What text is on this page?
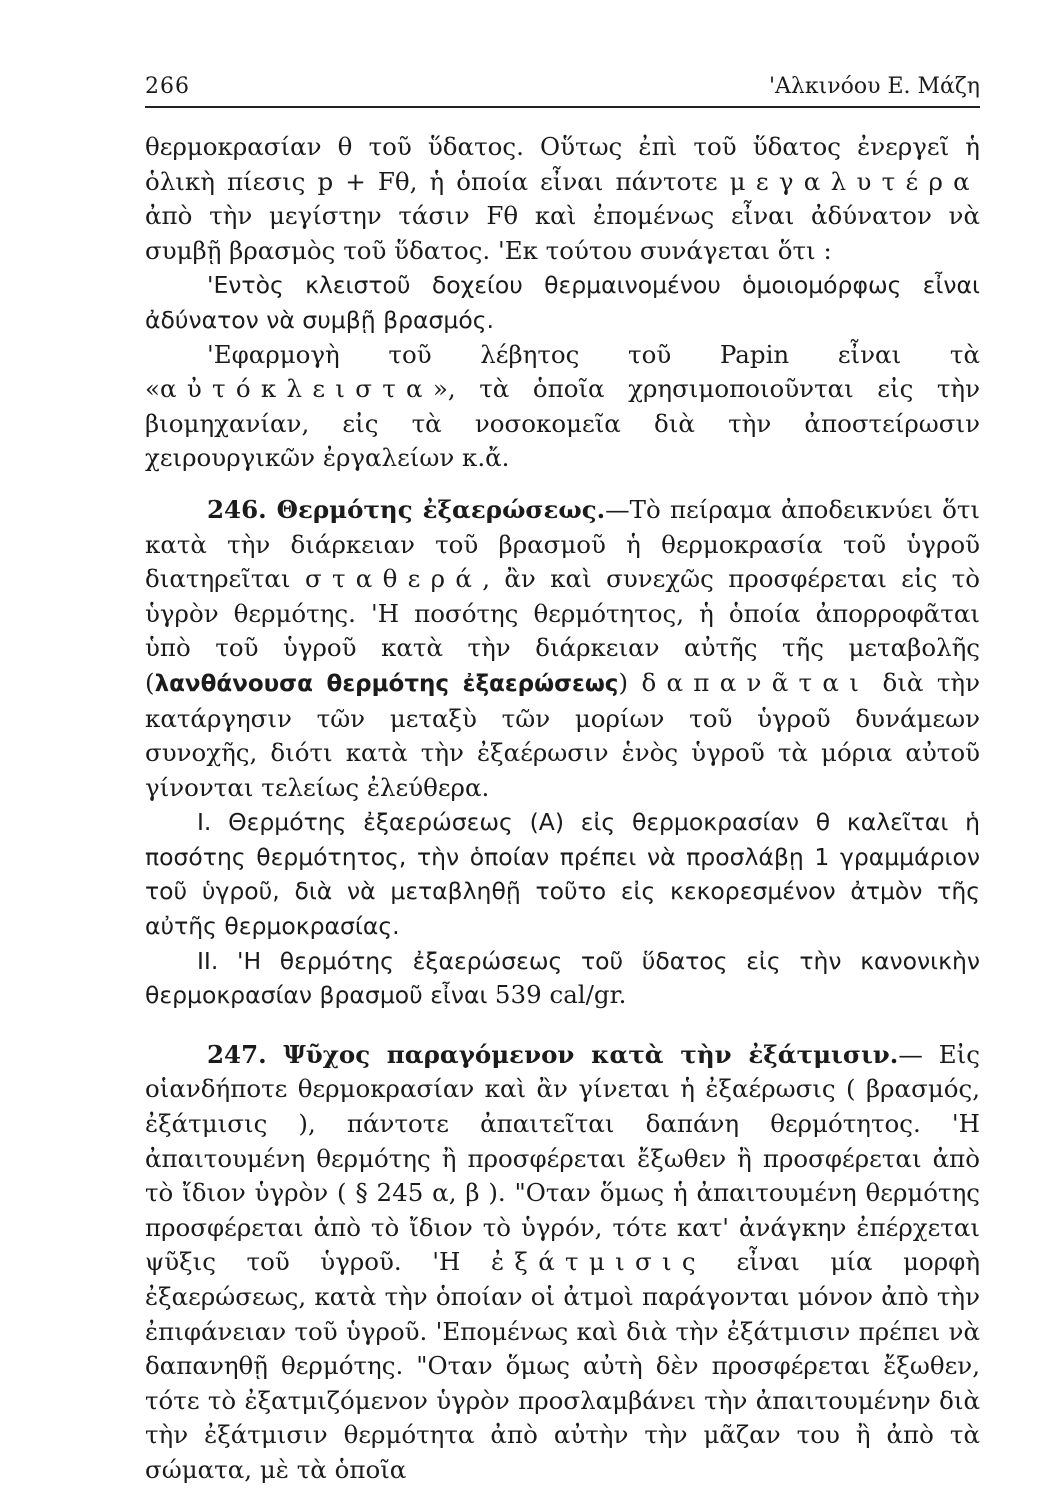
266	'Αλκινόου Ε. Μάζη

θερμοκρασίαν θ τοῦ ὕδατος. Οὕτως ἐπὶ τοῦ ὕδατος ἐνεργεῖ ἡ ὁλικὴ πίεσις p + Fθ, ἡ ὁποία εἶναι πάντοτε μεγαλυτέρα ἀπὸ τὴν μεγίστην τάσιν Fθ καὶ ἐπομένως εἶναι ἀδύνατον νὰ συμβῇ βρασμὸς τοῦ ὕδατος. 'Εκ τούτου συνάγεται ὅτι :

'Εντὸς κλειστοῦ δοχείου θερμαινομένου ὁμοιομόρφως εἶναι ἀδύνατον νὰ συμβῇ βρασμός.

'Εφαρμογὴ τοῦ λέβητος τοῦ Papin εἶναι τὰ «αὐτόκλειστα», τὰ ὁποῖα χρησιμοποιοῦνται εἰς τὴν βιομηχανίαν, εἰς τὰ νοσοκομεῖα διὰ τὴν ἀποστείρωσιν χειρουργικῶν ἐργαλείων κ.ἄ.

246. Θερμότης ἐξαερώσεως.—Τὸ πείραμα ἀποδεικνύει ὅτι κατὰ τὴν διάρκειαν τοῦ βρασμοῦ ἡ θερμοκρασία τοῦ ὑγροῦ διατηρεῖται σταθερά, ἂν καὶ συνεχῶς προσφέρεται εἰς τὸ ὑγρὸν θερμότης. 'Η ποσότης θερμότητος, ἡ ὁποία ἀπορροφᾶται ὑπὸ τοῦ ὑγροῦ κατὰ τὴν διάρκειαν αὐτῆς τῆς μεταβολῆς (λανθάνουσα θερμότης ἐξαερώσεως) δαπανᾶται διὰ τὴν κατάργησιν τῶν μεταξὺ τῶν μορίων τοῦ ὑγροῦ δυνάμεων συνοχῆς, διότι κατὰ τὴν ἐξαέρωσιν ἑνὸς ὑγροῦ τὰ μόρια αὐτοῦ γίνονται τελείως ἐλεύθερα.

I. Θερμότης ἐξαερώσεως (Α) εἰς θερμοκρασίαν θ καλεῖται ἡ ποσότης θερμότητος, τὴν ὁποίαν πρέπει νὰ προσλάβῃ 1 γραμμάριον τοῦ ὑγροῦ, διὰ νὰ μεταβληθῇ τοῦτο εἰς κεκορεσμένον ἀτμὸν τῆς αὐτῆς θερμοκρασίας.

II. 'Η θερμότης ἐξαερώσεως τοῦ ὕδατος εἰς τὴν κανονικὴν θερμοκρασίαν βρασμοῦ εἶναι 539 cal/gr.

247. Ψῦχος παραγόμενον κατὰ τὴν ἐξάτμισιν.— Εἰς οἱανδήποτε θερμοκρασίαν καὶ ἂν γίνεται ἡ ἐξαέρωσις ( βρασμός, ἐξάτμισις ), πάντοτε ἀπαιτεῖται δαπάνη θερμότητος. 'Η ἀπαιτουμένη θερμότης ἢ προσφέρεται ἔξωθεν ἢ προσφέρεται ἀπὸ τὸ ἴδιον ὑγρὸν ( § 245 α, β ). "Οταν ὅμως ἡ ἀπαιτουμένη θερμότης προσφέρεται ἀπὸ τὸ ἴδιον τὸ ὑγρόν, τότε κατ' ἀνάγκην ἐπέρχεται ψῦξις τοῦ ὑγροῦ. 'Η ἐξάτμισις εἶναι μία μορφὴ ἐξαερώσεως, κατὰ τὴν ὁποίαν οἱ ἀτμοὶ παράγονται μόνον ἀπὸ τὴν ἐπιφάνειαν τοῦ ὑγροῦ. 'Επομένως καὶ διὰ τὴν ἐξάτμισιν πρέπει νὰ δαπανηθῇ θερμότης. "Οταν ὅμως αὐτὴ δὲν προσφέρεται ἔξωθεν, τότε τὸ ἐξατμιζόμενον ὑγρὸν προσλαμβάνει τὴν ἀπαιτουμένην διὰ τὴν ἐξάτμισιν θερμότητα ἀπὸ αὐτὴν τὴν μᾶζαν του ἢ ἀπὸ τὰ σώματα, μὲ τὰ ὁποῖα
